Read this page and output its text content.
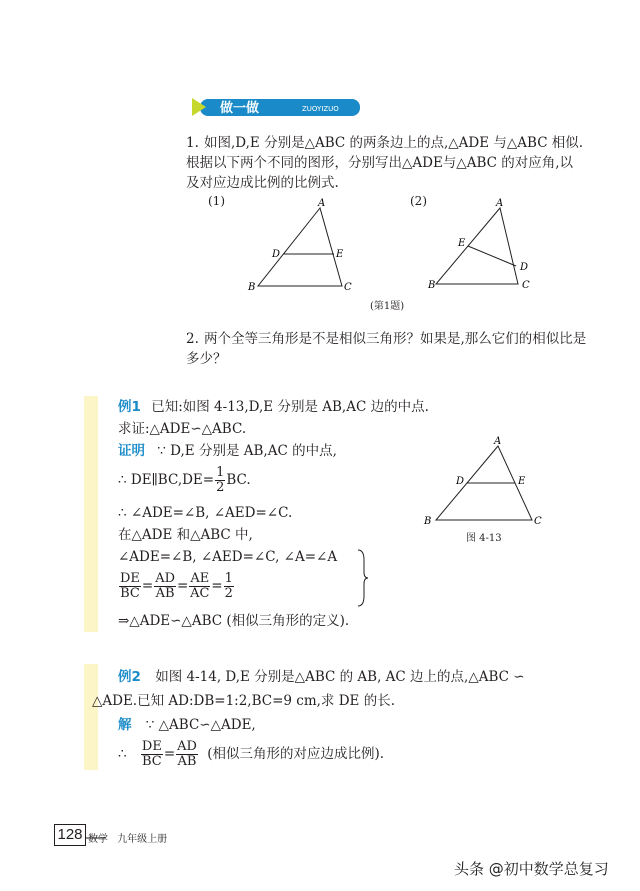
做一做	ZUOYIZUO
1. 如图,D,E 分别是△ABC 的两条边上的点,△ADE 与△ABC 相似.
根据以下两个不同的图形，分别写出△ADE与△ABC 的对应角,以
及对应边成比例的比例式.
(1)	(2)
A
B	C
D	E
A
B	C
D
E
(第1题)
2. 两个全等三角形是不是相似三角形？如果是,那么它们的相似比是
多少？
例1 已知:如图 4-13,D,E 分别是 AB,AC 边的中点.
求证:△ADE∽△ABC.
证明 ∵ D,E 分别是 AB,AC 的中点,
∴ DE∥BC,DE= $\frac{1}{2}$ BC.
∴ ∠ADE=∠B, ∠AED=∠C.
在△ADE 和△ABC 中,
∠ADE=∠B, ∠AED=∠C, ∠A=∠A
$\frac{DE}{BC} = \frac{AD}{AB} = \frac{AE}{AC} = \frac{1}{2}$
⇒△ADE∽△ABC (相似三角形的定义).
A
B	C
D	E
图 4-13
例2 如图 4-14, D,E 分别是△ABC 的 AB, AC 边上的点,△ABC ∽
△ADE.已知 AD:DB=1:2,BC=9 cm,求 DE 的长.
解 ∵ △ABC∽△ADE,
∴ $\frac{DE}{BC} = \frac{AD}{AB}$ (相似三角形的对应边成比例).
128 数学 九年级上册
头条 @初中数学总复习
